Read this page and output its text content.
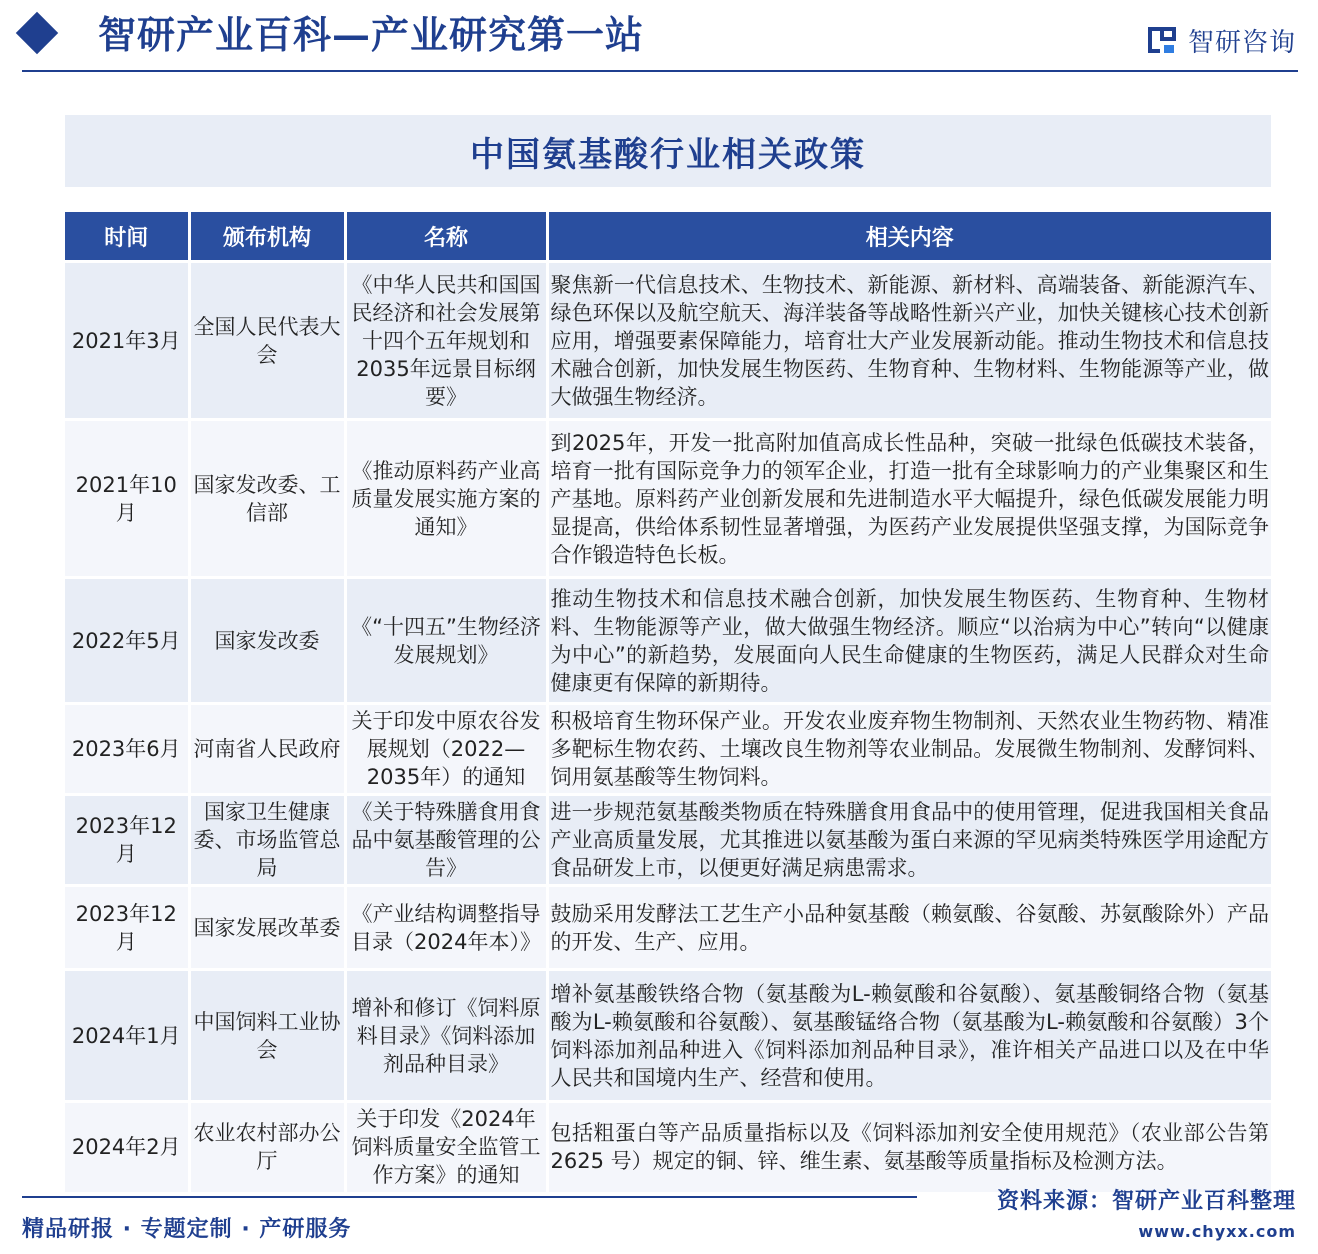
智研产业百科—产业研究第一站	智研咨询
中国氨基酸行业相关政策
时间	颁布机构	名称	相关内容
2021年3月	全国人民代表大会	《中华人民共和国国民经济和社会发展第十四个五年规划和2035年远景目标纲要》	聚焦新一代信息技术、生物技术、新能源、新材料、高端装备、新能源汽车、绿色环保以及航空航天、海洋装备等战略性新兴产业，加快关键核心技术创新应用，增强要素保障能力，培育壮大产业发展新动能。推动生物技术和信息技术融合创新，加快发展生物医药、生物育种、生物材料、生物能源等产业，做大做强生物经济。
2021年10月	国家发改委、工信部	《推动原料药产业高质量发展实施方案的通知》	到2025年，开发一批高附加值高成长性品种，突破一批绿色低碳技术装备，培育一批有国际竞争力的领军企业，打造一批有全球影响力的产业集聚区和生产基地。原料药产业创新发展和先进制造水平大幅提升，绿色低碳发展能力明显提高，供给体系韧性显著增强，为医药产业发展提供坚强支撑，为国际竞争合作锻造特色长板。
2022年5月	国家发改委	《“十四五”生物经济发展规划》	推动生物技术和信息技术融合创新，加快发展生物医药、生物育种、生物材料、生物能源等产业，做大做强生物经济。顺应“以治病为中心”转向“以健康为中心”的新趋势，发展面向人民生命健康的生物医药，满足人民群众对生命健康更有保障的新期待。
2023年6月	河南省人民政府	关于印发中原农谷发展规划（2022—2035年）的通知	积极培育生物环保产业。开发农业废弃物生物制剂、天然农业生物药物、精准多靶标生物农药、土壤改良生物剂等农业制品。发展微生物制剂、发酵饲料、饲用氨基酸等生物饲料。
2023年12月	国家卫生健康委、市场监管总局	《关于特殊膳食用食品中氨基酸管理的公告》	进一步规范氨基酸类物质在特殊膳食用食品中的使用管理，促进我国相关食品产业高质量发展，尤其推进以氨基酸为蛋白来源的罕见病类特殊医学用途配方食品研发上市，以便更好满足病患需求。
2023年12月	国家发展改革委	《产业结构调整指导目录（2024年本）》	鼓励采用发酵法工艺生产小品种氨基酸（赖氨酸、谷氨酸、苏氨酸除外）产品的开发、生产、应用。
2024年1月	中国饲料工业协会	增补和修订《饲料原料目录》《饲料添加剂品种目录》	增补氨基酸铁络合物（氨基酸为L-赖氨酸和谷氨酸）、氨基酸铜络合物（氨基酸为L-赖氨酸和谷氨酸）、氨基酸锰络合物（氨基酸为L-赖氨酸和谷氨酸）3个饲料添加剂品种进入《饲料添加剂品种目录》，准许相关产品进口以及在中华人民共和国境内生产、经营和使用。
2024年2月	农业农村部办公厅	关于印发《2024年饲料质量安全监管工作方案》的通知	包括粗蛋白等产品质量指标以及《饲料添加剂安全使用规范》（农业部公告第 2625 号）规定的铜、锌、维生素、氨基酸等质量指标及检测方法。
精品研报 · 专题定制 · 产研服务
资料来源：智研产业百科整理
www.chyxx.com
